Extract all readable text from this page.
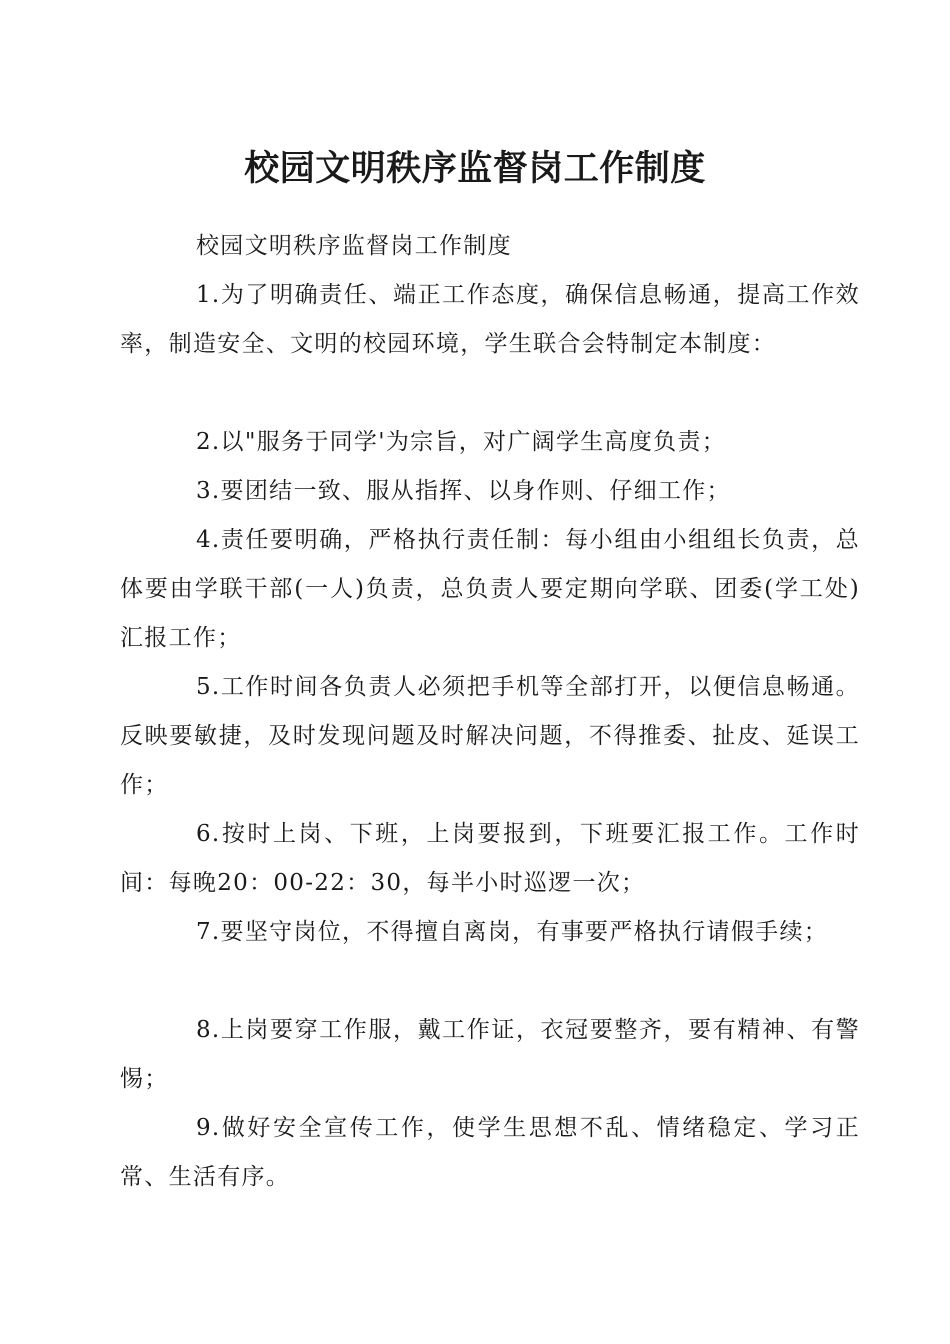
校园文明秩序监督岗工作制度

校园文明秩序监督岗工作制度

1.为了明确责任、端正工作态度，确保信息畅通，提高工作效率，制造安全、文明的校园环境，学生联合会特制定本制度：

2.以"服务于同学'为宗旨，对广阔学生高度负责；

3.要团结一致、服从指挥、以身作则、仔细工作；

4.责任要明确，严格执行责任制：每小组由小组组长负责，总体要由学联干部(一人)负责，总负责人要定期向学联、团委(学工处)汇报工作；

5.工作时间各负责人必须把手机等全部打开，以便信息畅通。反映要敏捷，及时发现问题及时解决问题，不得推委、扯皮、延误工作；

6.按时上岗、下班，上岗要报到，下班要汇报工作。工作时间：每晚20：00-22：30，每半小时巡逻一次；

7.要坚守岗位，不得擅自离岗，有事要严格执行请假手续；

8.上岗要穿工作服，戴工作证，衣冠要整齐，要有精神、有警惕；

9.做好安全宣传工作，使学生思想不乱、情绪稳定、学习正常、生活有序。
